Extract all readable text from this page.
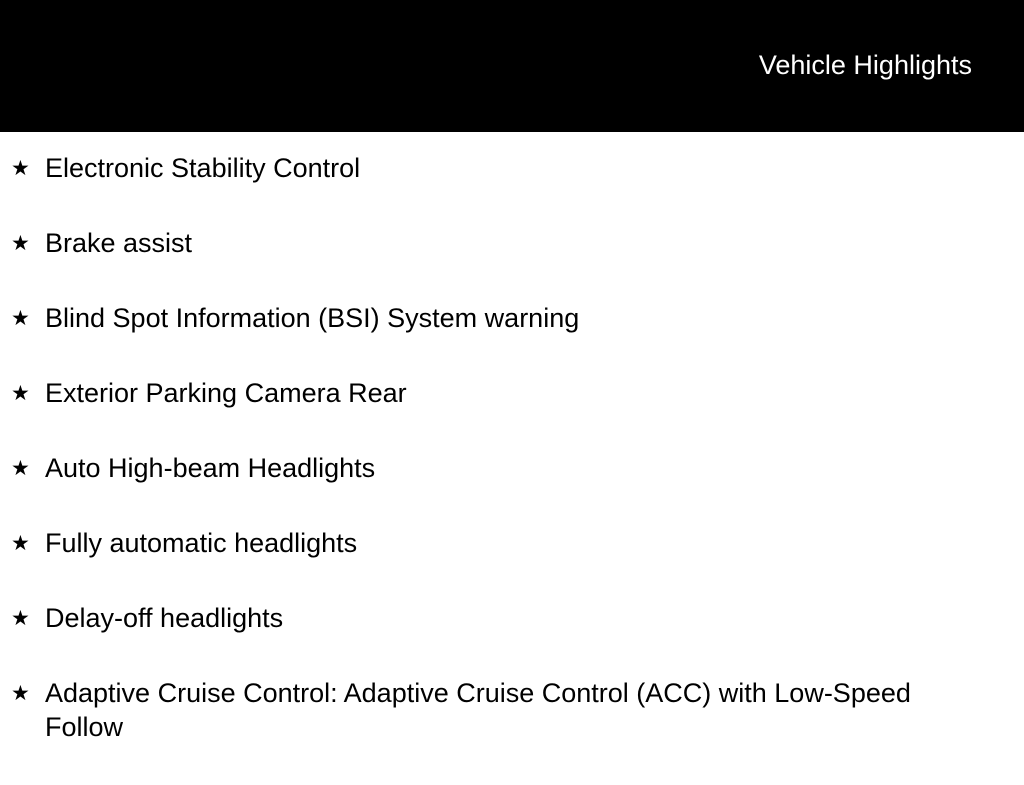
Vehicle Highlights
★ Electronic Stability Control
★ Brake assist
★ Blind Spot Information (BSI) System warning
★ Exterior Parking Camera Rear
★ Auto High-beam Headlights
★ Fully automatic headlights
★ Delay-off headlights
★ Adaptive Cruise Control: Adaptive Cruise Control (ACC) with Low-Speed Follow
